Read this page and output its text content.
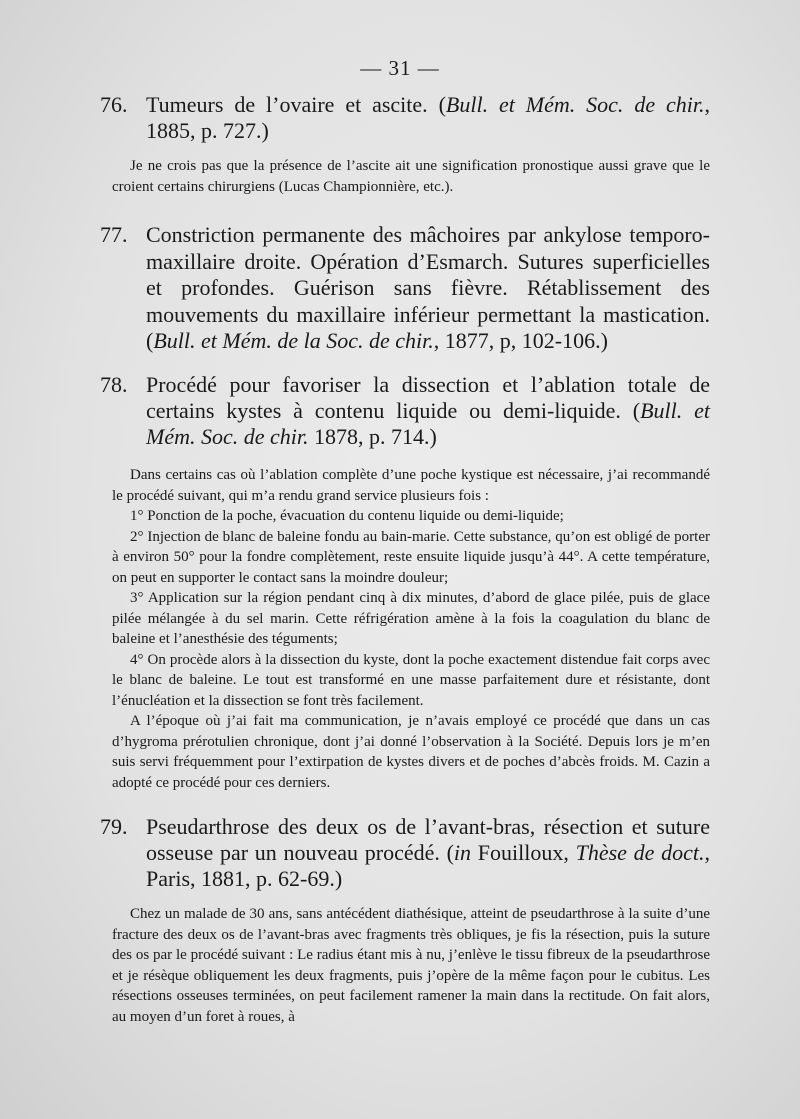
— 31 —
76. Tumeurs de l’ovaire et ascite. (Bull. et Mém. Soc. de chir., 1885, p. 727.)

Je ne crois pas que la présence de l’ascite ait une signification pronostique aussi grave que le croient certains chirurgiens (Lucas Championnière, etc.).

77. Constriction permanente des mâchoires par ankylose temporo-maxillaire droite. Opération d’Esmarch. Sutures superficielles et profondes. Guérison sans fièvre. Rétablissement des mouvements du maxillaire inférieur permettant la mastication. (Bull. et Mém. de la Soc. de chir., 1877, p, 102-106.)
78. Procédé pour favoriser la dissection et l’ablation totale de certains kystes à contenu liquide ou demi-liquide. (Bull. et Mém. Soc. de chir. 1878, p. 714.)

Dans certains cas où l’ablation complète d’une poche kystique est nécessaire, j’ai recommandé le procédé suivant, qui m’a rendu grand service plusieurs fois :

1° Ponction de la poche, évacuation du contenu liquide ou demi-liquide;

2° Injection de blanc de baleine fondu au bain-marie. Cette substance, qu’on est obligé de porter à environ 50° pour la fondre complètement, reste ensuite liquide jusqu’à 44°. A cette température, on peut en supporter le contact sans la moindre douleur;

3° Application sur la région pendant cinq à dix minutes, d’abord de glace pilée, puis de glace pilée mélangée à du sel marin. Cette réfrigération amène à la fois la coagulation du blanc de baleine et l’anesthésie des téguments;

4° On procède alors à la dissection du kyste, dont la poche exactement distendue fait corps avec le blanc de baleine. Le tout est transformé en une masse parfaitement dure et résistante, dont l’énucléation et la dissection se font très facilement.

A l’époque où j’ai fait ma communication, je n’avais employé ce procédé que dans un cas d’hygroma prérotulien chronique, dont j’ai donné l’observation à la Société. Depuis lors je m’en suis servi fréquemment pour l’extirpation de kystes divers et de poches d’abcès froids. M. Cazin a adopté ce procédé pour ces derniers.

79. Pseudarthrose des deux os de l’avant-bras, résection et suture osseuse par un nouveau procédé. (in Fouilloux, Thèse de doct., Paris, 1881, p. 62-69.)

Chez un malade de 30 ans, sans antécédent diathésique, atteint de pseudarthrose à la suite d’une fracture des deux os de l’avant-bras avec fragments très obliques, je fis la résection, puis la suture des os par le procédé suivant : Le radius étant mis à nu, j’enlève le tissu fibreux de la pseudarthrose et je résèque obliquement les deux fragments, puis j’opère de la même façon pour le cubitus. Les résections osseuses terminées, on peut facilement ramener la main dans la rectitude. On fait alors, au moyen d’un foret à roues, à
